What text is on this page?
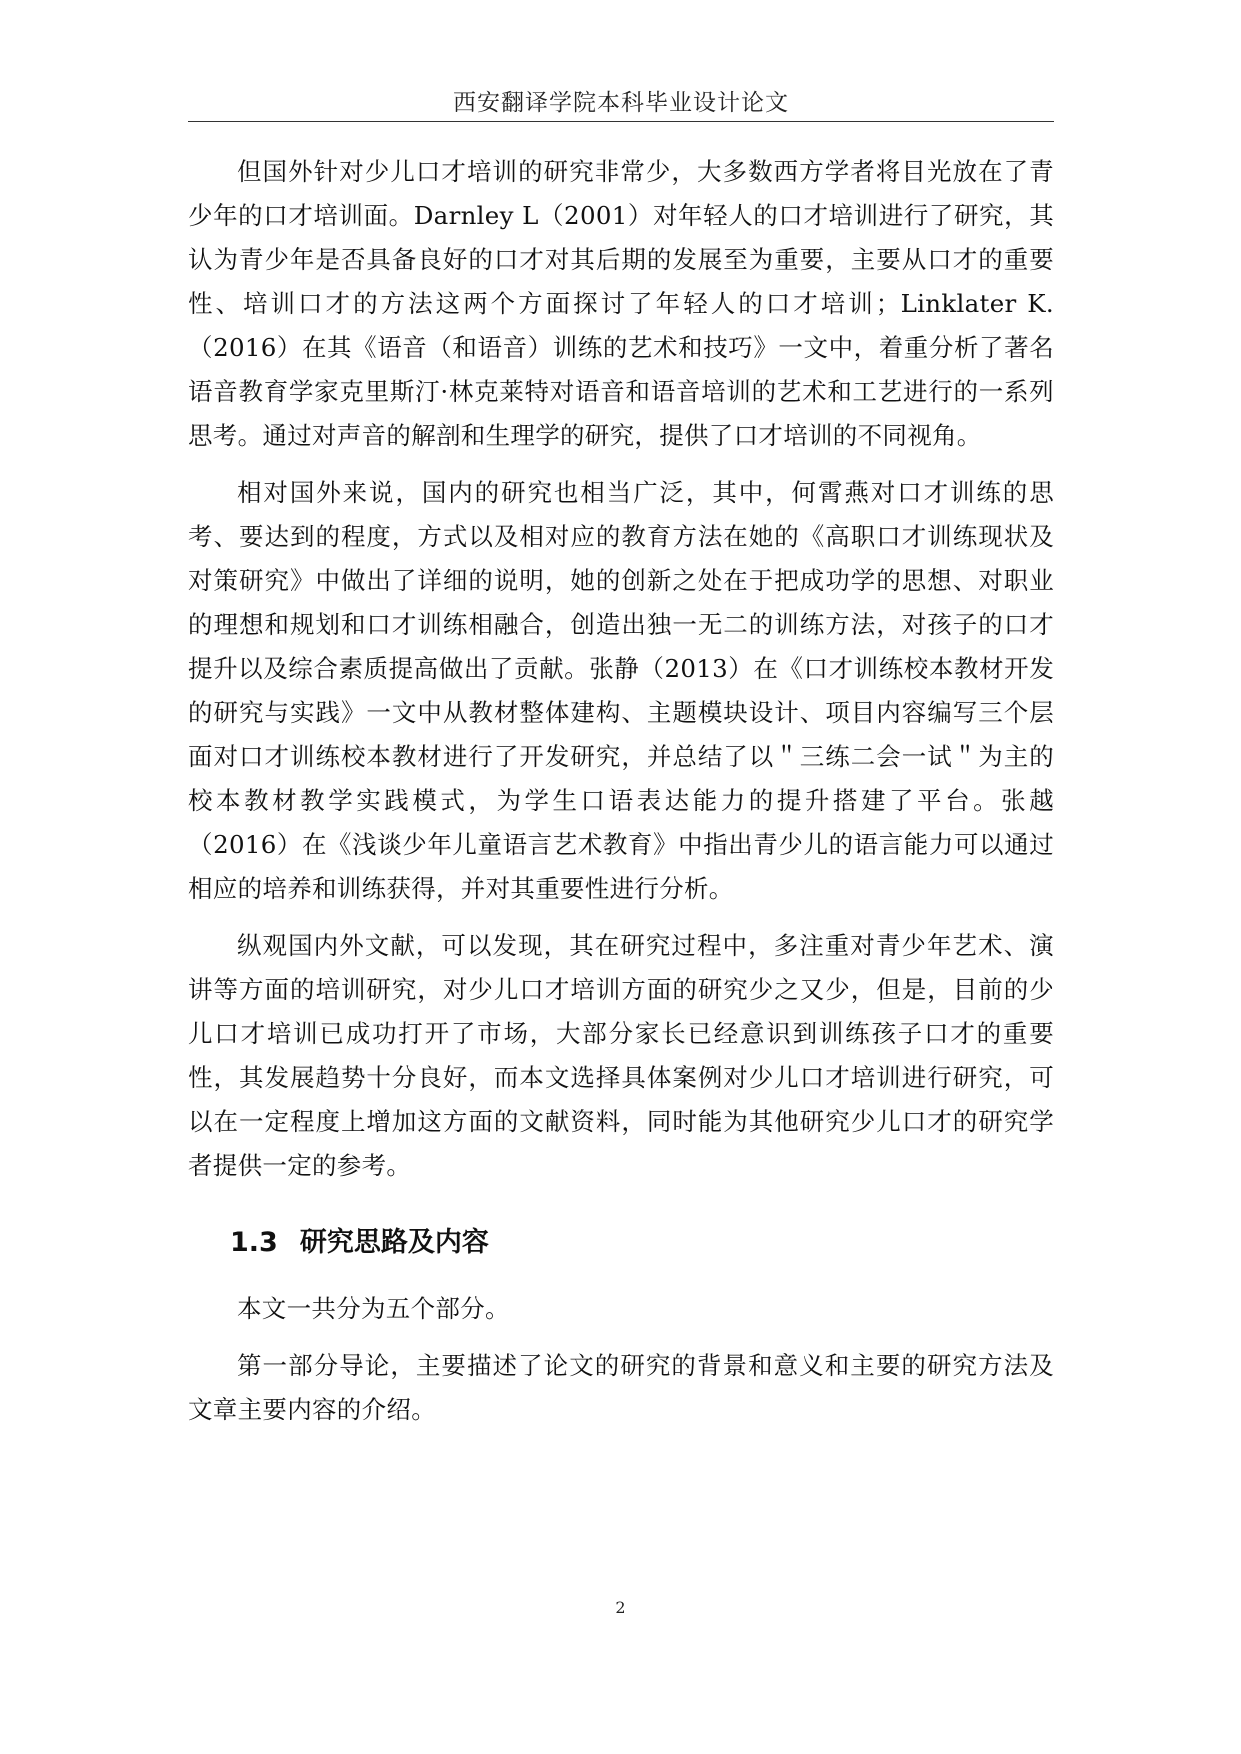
西安翻译学院本科毕业设计论文

但国外针对少儿口才培训的研究非常少，大多数西方学者将目光放在了青少年的口才培训面。Darnley L（2001）对年轻人的口才培训进行了研究，其认为青少年是否具备良好的口才对其后期的发展至为重要，主要从口才的重要性、培训口才的方法这两个方面探讨了年轻人的口才培训；Linklater K.（2016）在其《语音（和语音）训练的艺术和技巧》一文中，着重分析了著名语音教育学家克里斯汀·林克莱特对语音和语音培训的艺术和工艺进行的一系列思考。通过对声音的解剖和生理学的研究，提供了口才培训的不同视角。

相对国外来说，国内的研究也相当广泛，其中，何霄燕对口才训练的思考、要达到的程度，方式以及相对应的教育方法在她的《高职口才训练现状及对策研究》中做出了详细的说明，她的创新之处在于把成功学的思想、对职业的理想和规划和口才训练相融合，创造出独一无二的训练方法，对孩子的口才提升以及综合素质提高做出了贡献。张静（2013）在《口才训练校本教材开发的研究与实践》一文中从教材整体建构、主题模块设计、项目内容编写三个层面对口才训练校本教材进行了开发研究，并总结了以＂三练二会一试＂为主的校本教材教学实践模式，为学生口语表达能力的提升搭建了平台。张越（2016）在《浅谈少年儿童语言艺术教育》中指出青少儿的语言能力可以通过相应的培养和训练获得，并对其重要性进行分析。

纵观国内外文献，可以发现，其在研究过程中，多注重对青少年艺术、演讲等方面的培训研究，对少儿口才培训方面的研究少之又少，但是，目前的少儿口才培训已成功打开了市场，大部分家长已经意识到训练孩子口才的重要性，其发展趋势十分良好，而本文选择具体案例对少儿口才培训进行研究，可以在一定程度上增加这方面的文献资料，同时能为其他研究少儿口才的研究学者提供一定的参考。

1.3 研究思路及内容

本文一共分为五个部分。

第一部分导论，主要描述了论文的研究的背景和意义和主要的研究方法及文章主要内容的介绍。

2
